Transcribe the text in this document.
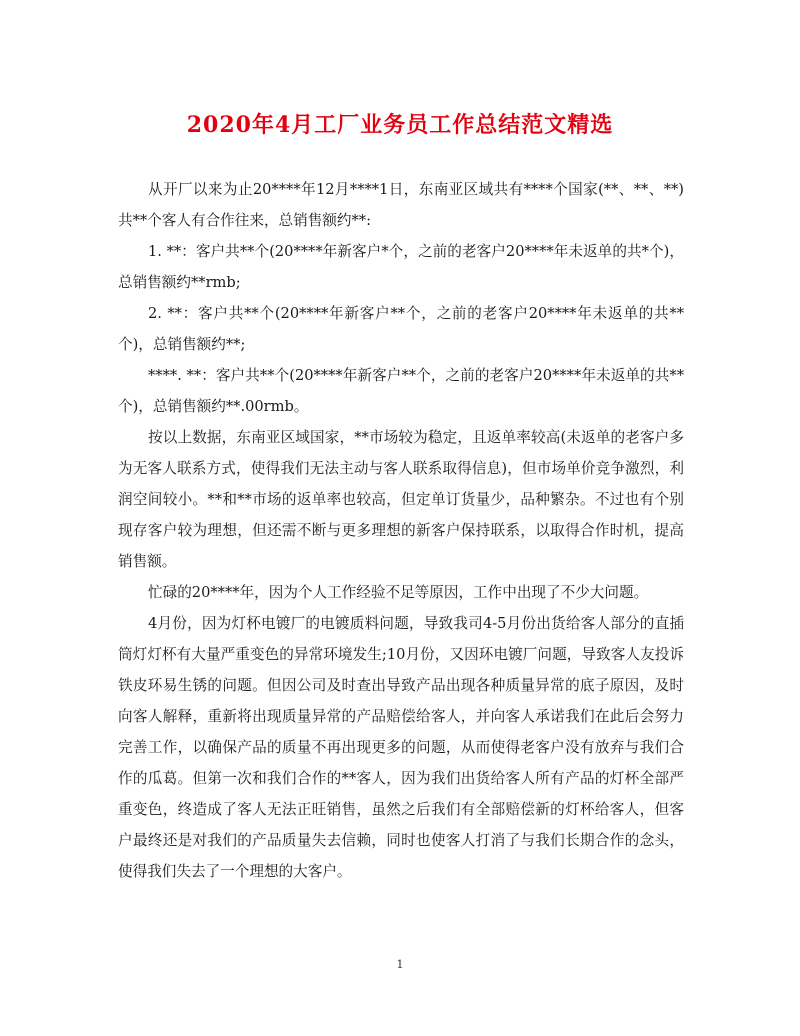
2020年4月工厂业务员工作总结范文精选

从开厂以来为止20****年12月****1日，东南亚区域共有****个国家(**、**、**)共**个客人有合作往来，总销售额约**:

1. **：客户共**个(20****年新客户*个，之前的老客户20****年未返单的共*个)，总销售额约**rmb;

2. **：客户共**个(20****年新客户**个，之前的老客户20****年未返单的共**个)，总销售额约**;

****. **：客户共**个(20****年新客户**个，之前的老客户20****年未返单的共**个)，总销售额约**.00rmb。

按以上数据，东南亚区域国家，**市场较为稳定，且返单率较高(未返单的老客户多为无客人联系方式，使得我们无法主动与客人联系取得信息)，但市场单价竞争激烈，利润空间较小。**和**市场的返单率也较高，但定单订货量少，品种繁杂。不过也有个别现存客户较为理想，但还需不断与更多理想的新客户保持联系，以取得合作时机，提高销售额。

忙碌的20****年，因为个人工作经验不足等原因，工作中出现了不少大问题。

4月份，因为灯杯电镀厂的电镀质料问题，导致我司4-5月份出货给客人部分的直插筒灯灯杯有大量严重变色的异常环境发生;10月份，又因环电镀厂问题，导致客人友投诉铁皮环易生锈的问题。但因公司及时查出导致产品出现各种质量异常的底子原因，及时向客人解释，重新将出现质量异常的产品赔偿给客人，并向客人承诺我们在此后会努力完善工作，以确保产品的质量不再出现更多的问题，从而使得老客户没有放弃与我们合作的瓜葛。但第一次和我们合作的**客人，因为我们出货给客人所有产品的灯杯全部严重变色，终造成了客人无法正旺销售，虽然之后我们有全部赔偿新的灯杯给客人，但客户最终还是对我们的产品质量失去信赖，同时也使客人打消了与我们长期合作的念头，使得我们失去了一个理想的大客户。

1
